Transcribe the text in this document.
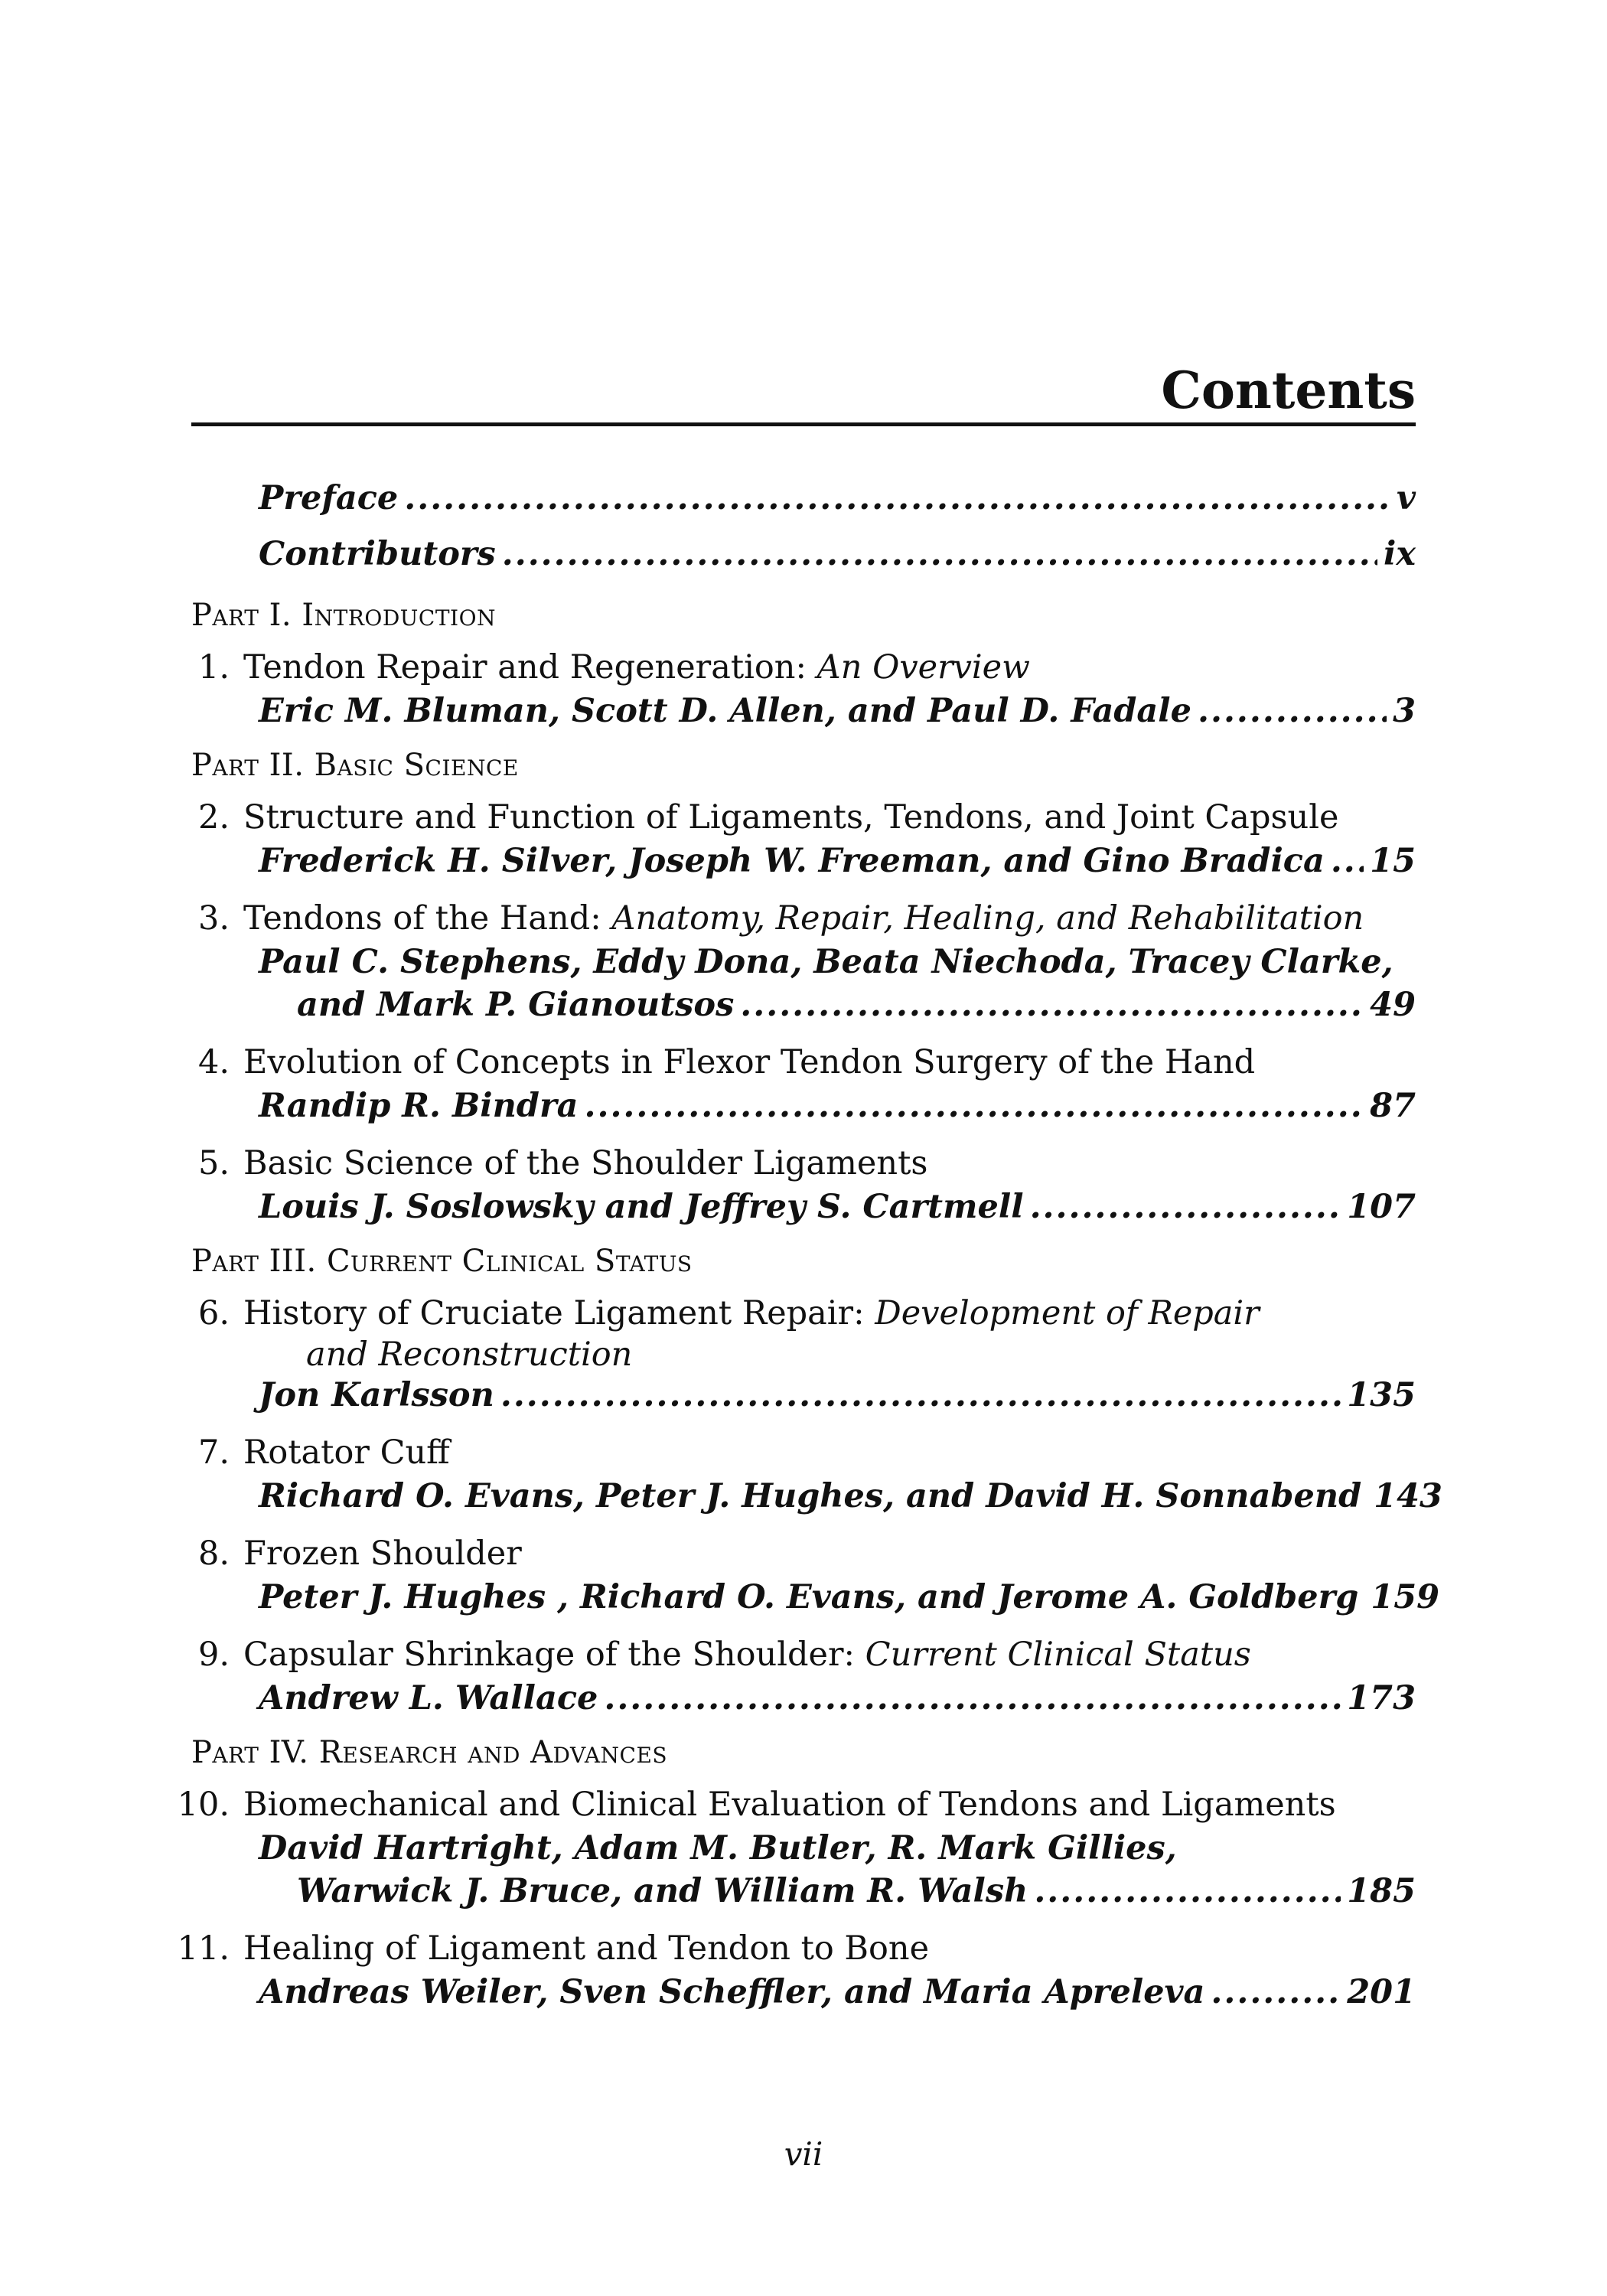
Contents
Preface .....	v
Contributors .....	ix
Part I. Introduction
1. Tendon Repair and Regeneration: An Overview
Eric M. Bluman, Scott D. Allen, and Paul D. Fadale .....	3
Part II. Basic Science
2. Structure and Function of Ligaments, Tendons, and Joint Capsule
Frederick H. Silver, Joseph W. Freeman, and Gino Bradica ..... 15
3. Tendons of the Hand: Anatomy, Repair, Healing, and Rehabilitation
Paul C. Stephens, Eddy Dona, Beata Niechoda, Tracey Clarke,
and Mark P. Gianoutsos .....	49
4. Evolution of Concepts in Flexor Tendon Surgery of the Hand
Randip R. Bindra .....	87
5. Basic Science of the Shoulder Ligaments
Louis J. Soslowsky and Jeffrey S. Cartmell .....	107
Part III. Current Clinical Status
6. History of Cruciate Ligament Repair: Development of Repair
and Reconstruction
Jon Karlsson .....	135
7. Rotator Cuff
Richard O. Evans, Peter J. Hughes, and David H. Sonnabend 143
8. Frozen Shoulder
Peter J. Hughes , Richard O. Evans, and Jerome A. Goldberg 159
9. Capsular Shrinkage of the Shoulder: Current Clinical Status
Andrew L. Wallace .....	173
Part IV. Research and Advances
10. Biomechanical and Clinical Evaluation of Tendons and Ligaments
David Hartright, Adam M. Butler, R. Mark Gillies,
Warwick J. Bruce, and William R. Walsh .....	185
11. Healing of Ligament and Tendon to Bone
Andreas Weiler, Sven Scheffler, and Maria Apreleva .....	201
vii
